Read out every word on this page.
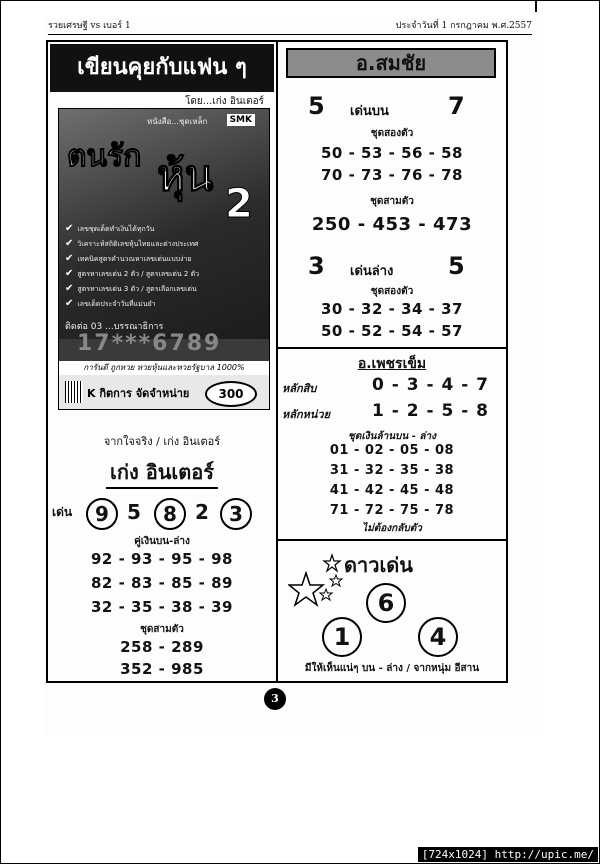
รวยเศรษฐี vs เบอร์ 1	ประจำวันที่ 1 กรกฎาคม พ.ศ.2557
เขียนคุยกับแฟน ๆ
โดย...เก่ง อินเตอร์
หนังสือ...ชุดเหล็ก	SMK
ตนรัก หุ้น
2
✔ เลขชุดเด็ดทำเงินได้ทุกวัน
✔ วิเคราะห์สถิติเลขหุ้นไทยและต่างประเทศ
✔ เทคนิคสูตรคำนวณหาเลขเด่นแบบง่าย
✔ สูตรหาเลขเด่น 2 ตัว / สูตรเลขเด่น 2 ตัว
✔ สูตรหาเลขเด่น 3 ตัว / สูตรเลือกเลขเด่น
✔ เลขเด็ดประจำวันที่แม่นยำ
ติดต่อ 03 ...บรรณาธิการ
17***6789
การันตี ถูกหวย หวยหุ้นและหวยรัฐบาล 1000%
K กิตการ จัดจำหน่าย	300
จากใจจริง / เก่ง อินเตอร์
เก่ง อินเตอร์
เด่น	9 5	8 2	3
คู่เงินบน-ล่าง
92 - 93 - 95 - 98
82 - 83 - 85 - 89
32 - 35 - 38 - 39
ชุดสามตัว
258 - 289
352 - 985
อ.สมชัย
5 เด่นบน 7
ชุดสองตัว
50 - 53 - 56 - 58
70 - 73 - 76 - 78
ชุดสามตัว
250 - 453 - 473
3 เด่นล่าง 5
ชุดสองตัว
30 - 32 - 34 - 37
50 - 52 - 54 - 57
อ.เพชรเข็ม
หลักสิบ	0 - 3 - 4 - 7
หลักหน่วย 1 - 2 - 5 - 8
ชุดเงินล้านบน - ล่าง
01 - 02 - 05 - 08
31 - 32 - 35 - 38
41 - 42 - 45 - 48
71 - 72 - 75 - 78
ไม่ต้องกลับตัว
ดาวเด่น
6
1	4
มีให้เห็นแน่ๆ บน - ล่าง / จากหนุ่ม อีสาน
3
[724x1024] http://upic.me/
